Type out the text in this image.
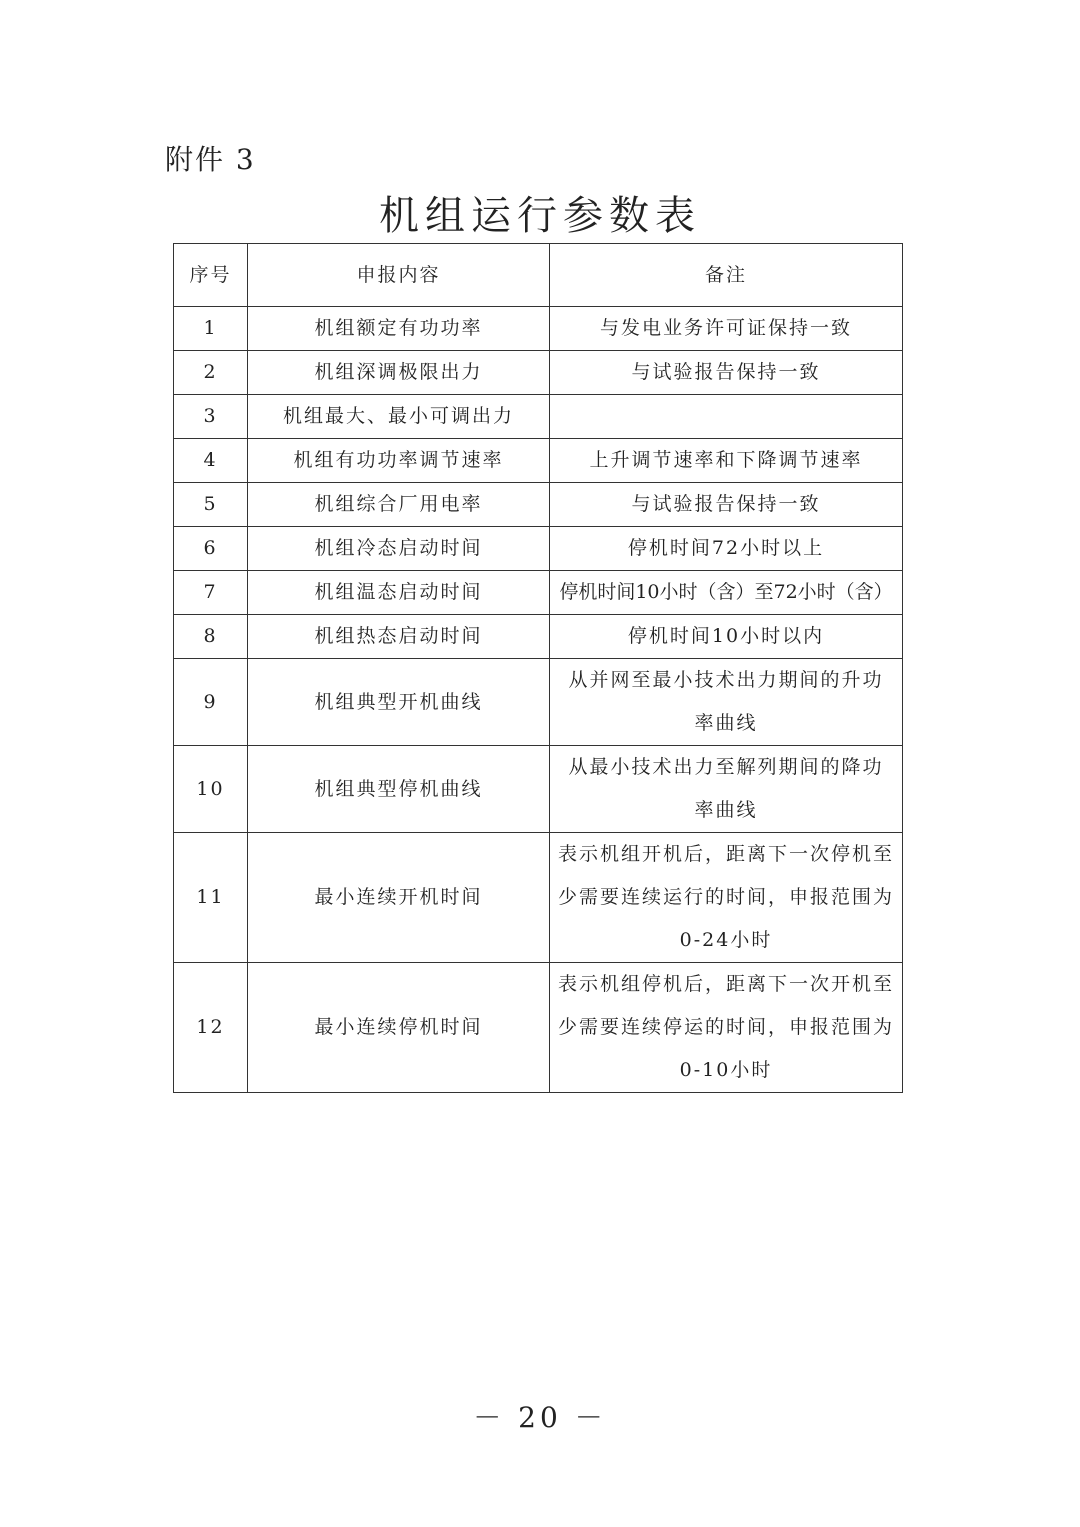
附件 3
机组运行参数表
序号	申报内容	备注
1	机组额定有功功率	与发电业务许可证保持一致
2	机组深调极限出力	与试验报告保持一致
3	机组最大、最小可调出力	
4	机组有功功率调节速率	上升调节速率和下降调节速率
5	机组综合厂用电率	与试验报告保持一致
6	机组冷态启动时间	停机时间72小时以上
7	机组温态启动时间	停机时间10小时（含）至72小时（含）
8	机组热态启动时间	停机时间10小时以内
9	机组典型开机曲线	从并网至最小技术出力期间的升功率曲线
10	机组典型停机曲线	从最小技术出力至解列期间的降功率曲线
11	最小连续开机时间	表示机组开机后，距离下一次停机至少需要连续运行的时间，申报范围为0-24小时
12	最小连续停机时间	表示机组停机后，距离下一次开机至少需要连续停运的时间，申报范围为0-10小时
－ 20 －
